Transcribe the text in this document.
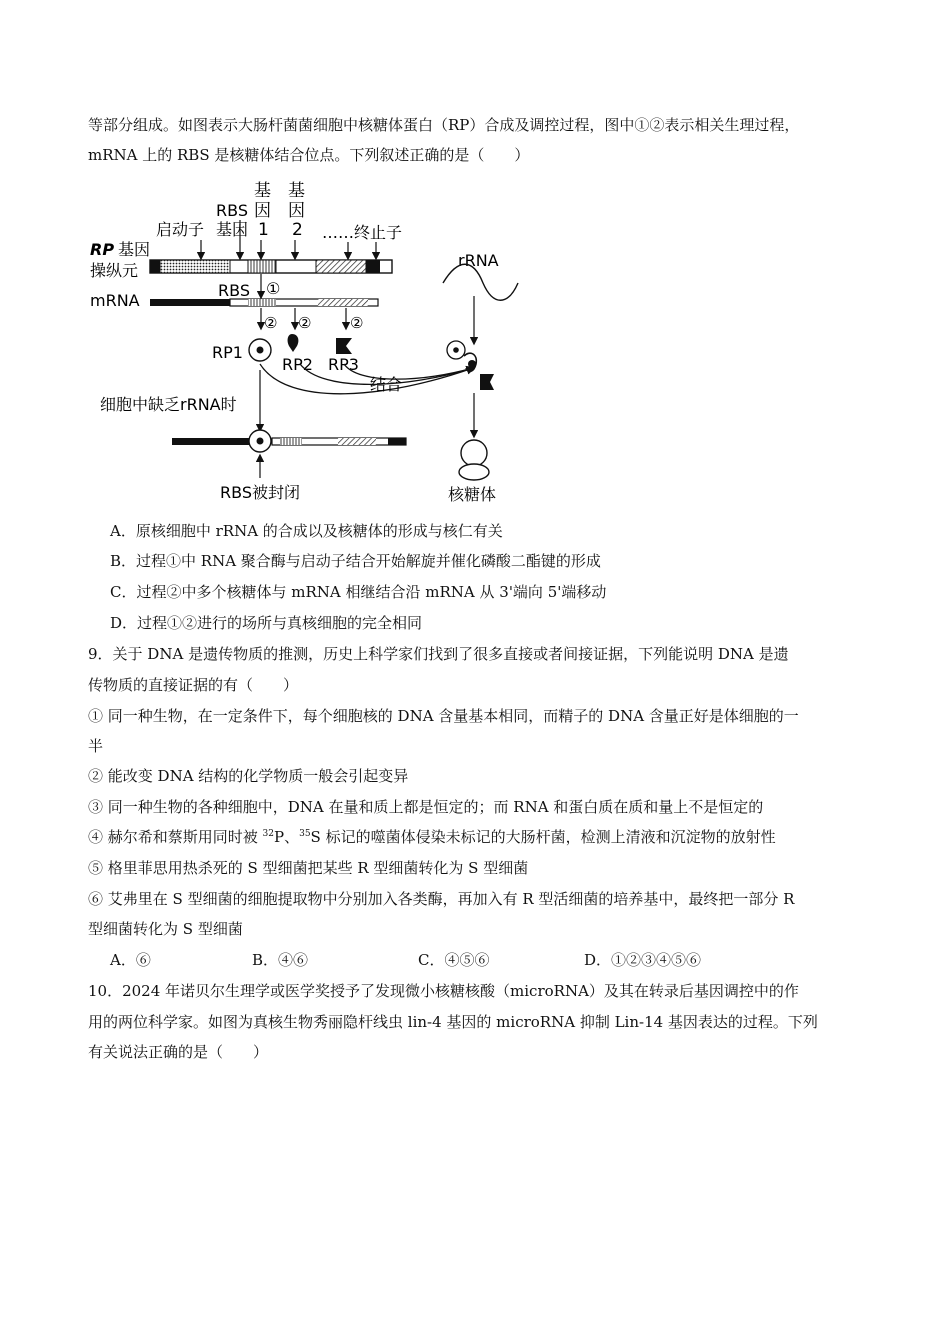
等部分组成。如图表示大肠杆菌菌细胞中核糖体蛋白（RP）合成及调控过程，图中①②表示相关生理过程，
mRNA 上的 RBS 是核糖体结合位点。下列叙述正确的是（　　）
基
因
1
基
因
2
RBS
启动子 基因	……终止子
RP 基因
操纵元
mRNA
RBS ①
② ②	②
RP1
RP2 RP3
结合
rRNA
核糖体
细胞中缺乏rRNA时
RBS被封闭
A．原核细胞中 rRNA 的合成以及核糖体的形成与核仁有关
B．过程①中 RNA 聚合酶与启动子结合开始解旋并催化磷酸二酯键的形成
C．过程②中多个核糖体与 mRNA 相继结合沿 mRNA 从 3'端向 5'端移动
D．过程①②进行的场所与真核细胞的完全相同
9．关于 DNA 是遗传物质的推测，历史上科学家们找到了很多直接或者间接证据，下列能说明 DNA 是遗
传物质的直接证据的有（　　）
① 同一种生物，在一定条件下，每个细胞核的 DNA 含量基本相同，而精子的 DNA 含量正好是体细胞的一
半
② 能改变 DNA 结构的化学物质一般会引起变异
③ 同一种生物的各种细胞中，DNA 在量和质上都是恒定的；而 RNA 和蛋白质在质和量上不是恒定的
④ 赫尔希和蔡斯用同时被 $^{32}$P、$^{35}$S 标记的噬菌体侵染未标记的大肠杆菌，检测上清液和沉淀物的放射性
⑤ 格里菲思用热杀死的 S 型细菌把某些 R 型细菌转化为 S 型细菌
⑥ 艾弗里在 S 型细菌的细胞提取物中分别加入各类酶，再加入有 R 型活细菌的培养基中，最终把一部分 R
型细菌转化为 S 型细菌
A．⑥	B．④⑥	C．④⑤⑥	D．①②③④⑤⑥
10．2024 年诺贝尔生理学或医学奖授予了发现微小核糖核酸（microRNA）及其在转录后基因调控中的作
用的两位科学家。如图为真核生物秀丽隐杆线虫 lin-4 基因的 microRNA 抑制 Lin-14 基因表达的过程。下列
有关说法正确的是（　　）
